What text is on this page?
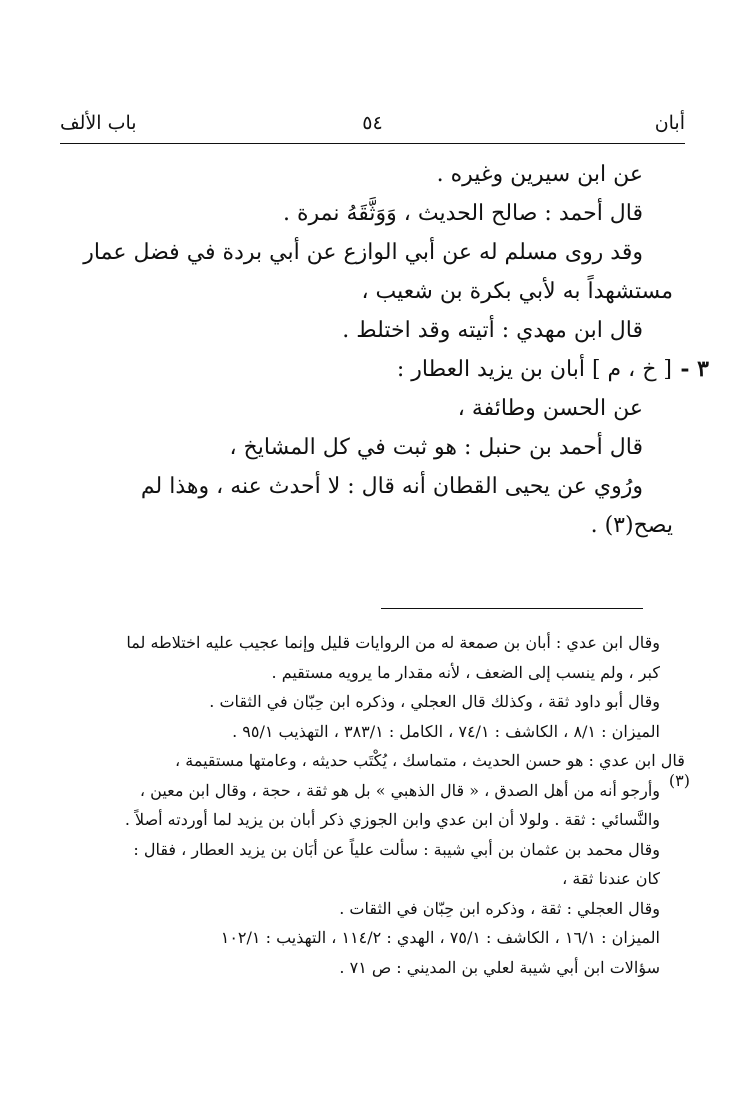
أبان
٥٤
باب الألف

عن ابن سيرين وغيره .

قال أحمد : صالح الحديث ، وَوَثَّقَهُ نمرة .

وقد روى مسلم له عن أبي الوازع عن أبي بردة في فضل عمار

مستشهداً به لأبي بكرة بن شعيب ،

قال ابن مهدي : أتيته وقد اختلط .

٣ - [ خ ، م ] أبان بن يزيد العطار :

عن الحسن وطائفة ،

قال أحمد بن حنبل : هو ثبت في كل المشايخ ،

ورُوي عن يحيى القطان أنه قال : لا أحدث عنه ، وهذا لم

يصح(٣) .

وقال ابن عدي : أبان بن صمعة له من الروايات قليل وإنما عجيب عليه اختلاطه لما

كبر ، ولم ينسب إلى الضعف ، لأنه مقدار ما يرويه مستقيم .

وقال أبو داود ثقة ، وكذلك قال العجلي ، وذكره ابن حِبّان في الثقات .

الميزان : ٨/١ ، الكاشف : ٧٤/١ ، الكامل : ٣٨٣/١ ، التهذيب ٩٥/١ .

(٣)
قال ابن عدي : هو حسن الحديث ، متماسك ، يُكْتَب حديثه ، وعامتها مستقيمة ،

وأرجو أنه من أهل الصدق ، « قال الذهبي » بل هو ثقة ، حجة ، وقال ابن معين ،

والنَّسائي : ثقة . ولولا أن ابن عدي وابن الجوزي ذكر أبان بن يزيد لما أوردته أصلاً .

وقال محمد بن عثمان بن أبي شيبة : سألت علياً عن أبَان بن يزيد العطار ، فقال :

كان عندنا ثقة ،

وقال العجلي : ثقة ، وذكره ابن حِبّان في الثقات .

الميزان : ١٦/١ ، الكاشف : ٧٥/١ ، الهدي : ١١٤/٢ ، التهذيب : ١٠٢/١

سؤالات ابن أبي شيبة لعلي بن المديني : ص ٧١ .
